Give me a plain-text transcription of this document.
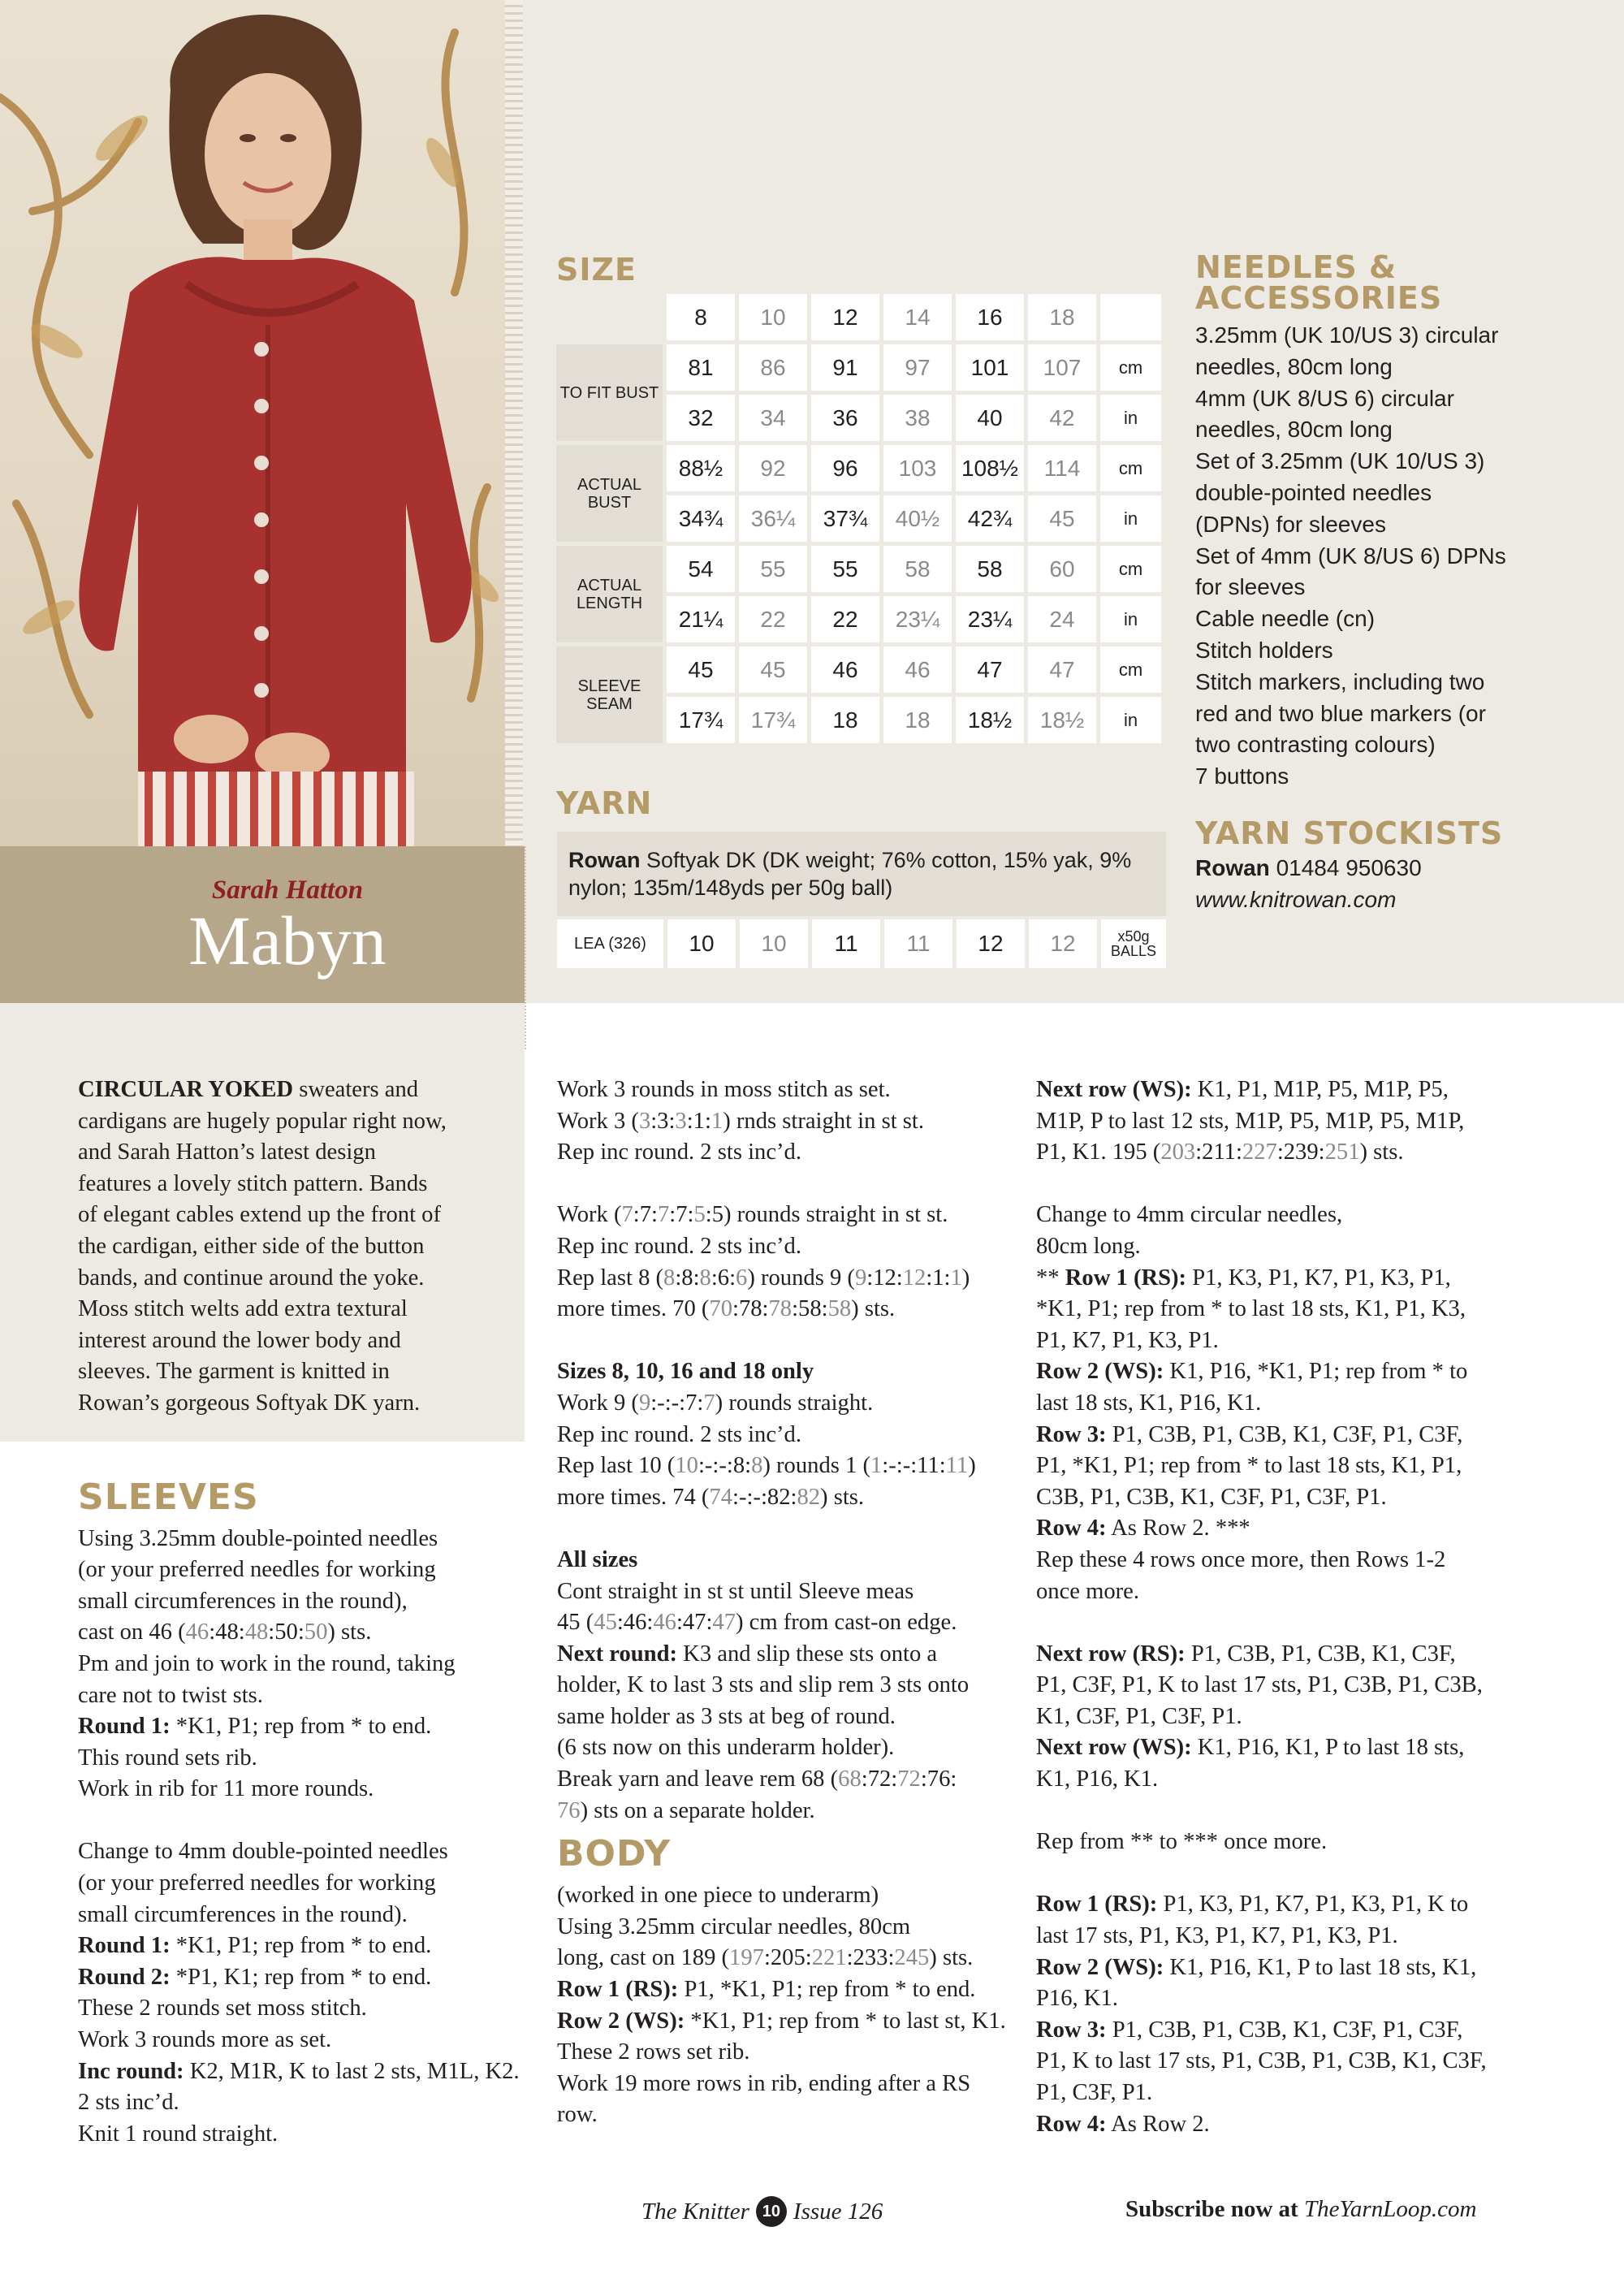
Sarah Hatton
Mabyn
SIZE
	8	10	12	14	16	18	
TO FIT BUST	81	86	91	97	101	107	cm
	32	34	36	38	40	42	in
ACTUAL BUST	88½	92	96	103	108½	114	cm
	34¾	36¼	37¾	40½	42¾	45	in
ACTUAL LENGTH	54	55	55	58	58	60	cm
	21¼	22	22	23¼	23¼	24	in
SLEEVE SEAM	45	45	46	46	47	47	cm
	17¾	17¾	18	18	18½	18½	in
YARN
Rowan Softyak DK (DK weight; 76% cotton, 15% yak, 9%
nylon; 135m/148yds per 50g ball)
LEA (326)	10	10	11	11	12	12	x50g
BALLS
NEEDLES &
ACCESSORIES
3.25mm (UK 10/US 3) circular
needles, 80cm long
4mm (UK 8/US 6) circular
needles, 80cm long
Set of 3.25mm (UK 10/US 3)
double-pointed needles
(DPNs) for sleeves
Set of 4mm (UK 8/US 6) DPNs
for sleeves
Cable needle (cn)
Stitch holders
Stitch markers, including two
red and two blue markers (or
two contrasting colours)
7 buttons
YARN STOCKISTS
Rowan 01484 950630
www.knitrowan.com

CIRCULAR YOKED sweaters and

cardigans are hugely popular right now,

and Sarah Hatton’s latest design

features a lovely stitch pattern. Bands

of elegant cables extend up the front of

the cardigan, either side of the button

bands, and continue around the yoke.

Moss stitch welts add extra textural

interest around the lower body and

sleeves. The garment is knitted in

Rowan’s gorgeous Softyak DK yarn.

SLEEVES

Using 3.25mm double-pointed needles

(or your preferred needles for working

small circumferences in the round),

cast on 46 (46:48:48:50:50) sts.

Pm and join to work in the round, taking

care not to twist sts.

Round 1: *K1, P1; rep from * to end.

This round sets rib.

Work in rib for 11 more rounds.

Change to 4mm double-pointed needles

(or your preferred needles for working

small circumferences in the round).

Round 1: *K1, P1; rep from * to end.

Round 2: *P1, K1; rep from * to end.

These 2 rounds set moss stitch.

Work 3 rounds more as set.

Inc round: K2, M1R, K to last 2 sts, M1L, K2.

2 sts inc’d.

Knit 1 round straight.

Work 3 rounds in moss stitch as set.

Work 3 (3:3:3:1:1) rnds straight in st st.

Rep inc round. 2 sts inc’d.

Work (7:7:7:7:5:5) rounds straight in st st.

Rep inc round. 2 sts inc’d.

Rep last 8 (8:8:8:6:6) rounds 9 (9:12:12:1:1)

more times. 70 (70:78:78:58:58) sts.

Sizes 8, 10, 16 and 18 only

Work 9 (9:-:-:7:7) rounds straight.

Rep inc round. 2 sts inc’d.

Rep last 10 (10:-:-:8:8) rounds 1 (1:-:-:11:11)

more times. 74 (74:-:-:82:82) sts.

All sizes

Cont straight in st st until Sleeve meas

45 (45:46:46:47:47) cm from cast-on edge.

Next round: K3 and slip these sts onto a

holder, K to last 3 sts and slip rem 3 sts onto

same holder as 3 sts at beg of round.

(6 sts now on this underarm holder).

Break yarn and leave rem 68 (68:72:72:76:

76) sts on a separate holder.

BODY

(worked in one piece to underarm)

Using 3.25mm circular needles, 80cm

long, cast on 189 (197:205:221:233:245) sts.

Row 1 (RS): P1, *K1, P1; rep from * to end.

Row 2 (WS): *K1, P1; rep from * to last st, K1.

These 2 rows set rib.

Work 19 more rows in rib, ending after a RS

row.

Next row (WS): K1, P1, M1P, P5, M1P, P5,

M1P, P to last 12 sts, M1P, P5, M1P, P5, M1P,

P1, K1. 195 (203:211:227:239:251) sts.

Change to 4mm circular needles,

80cm long.

** Row 1 (RS): P1, K3, P1, K7, P1, K3, P1,

*K1, P1; rep from * to last 18 sts, K1, P1, K3,

P1, K7, P1, K3, P1.

Row 2 (WS): K1, P16, *K1, P1; rep from * to

last 18 sts, K1, P16, K1.

Row 3: P1, C3B, P1, C3B, K1, C3F, P1, C3F,

P1, *K1, P1; rep from * to last 18 sts, K1, P1,

C3B, P1, C3B, K1, C3F, P1, C3F, P1.

Row 4: As Row 2. ***

Rep these 4 rows once more, then Rows 1-2

once more.

Next row (RS): P1, C3B, P1, C3B, K1, C3F,

P1, C3F, P1, K to last 17 sts, P1, C3B, P1, C3B,

K1, C3F, P1, C3F, P1.

Next row (WS): K1, P16, K1, P to last 18 sts,

K1, P16, K1.

Rep from ** to *** once more.

Row 1 (RS): P1, K3, P1, K7, P1, K3, P1, K to

last 17 sts, P1, K3, P1, K7, P1, K3, P1.

Row 2 (WS): K1, P16, K1, P to last 18 sts, K1,

P16, K1.

Row 3: P1, C3B, P1, C3B, K1, C3F, P1, C3F,

P1, K to last 17 sts, P1, C3B, P1, C3B, K1, C3F,

P1, C3F, P1.

Row 4: As Row 2.

The Knitter 10 Issue 126	Subscribe now at TheYarnLoop.com
